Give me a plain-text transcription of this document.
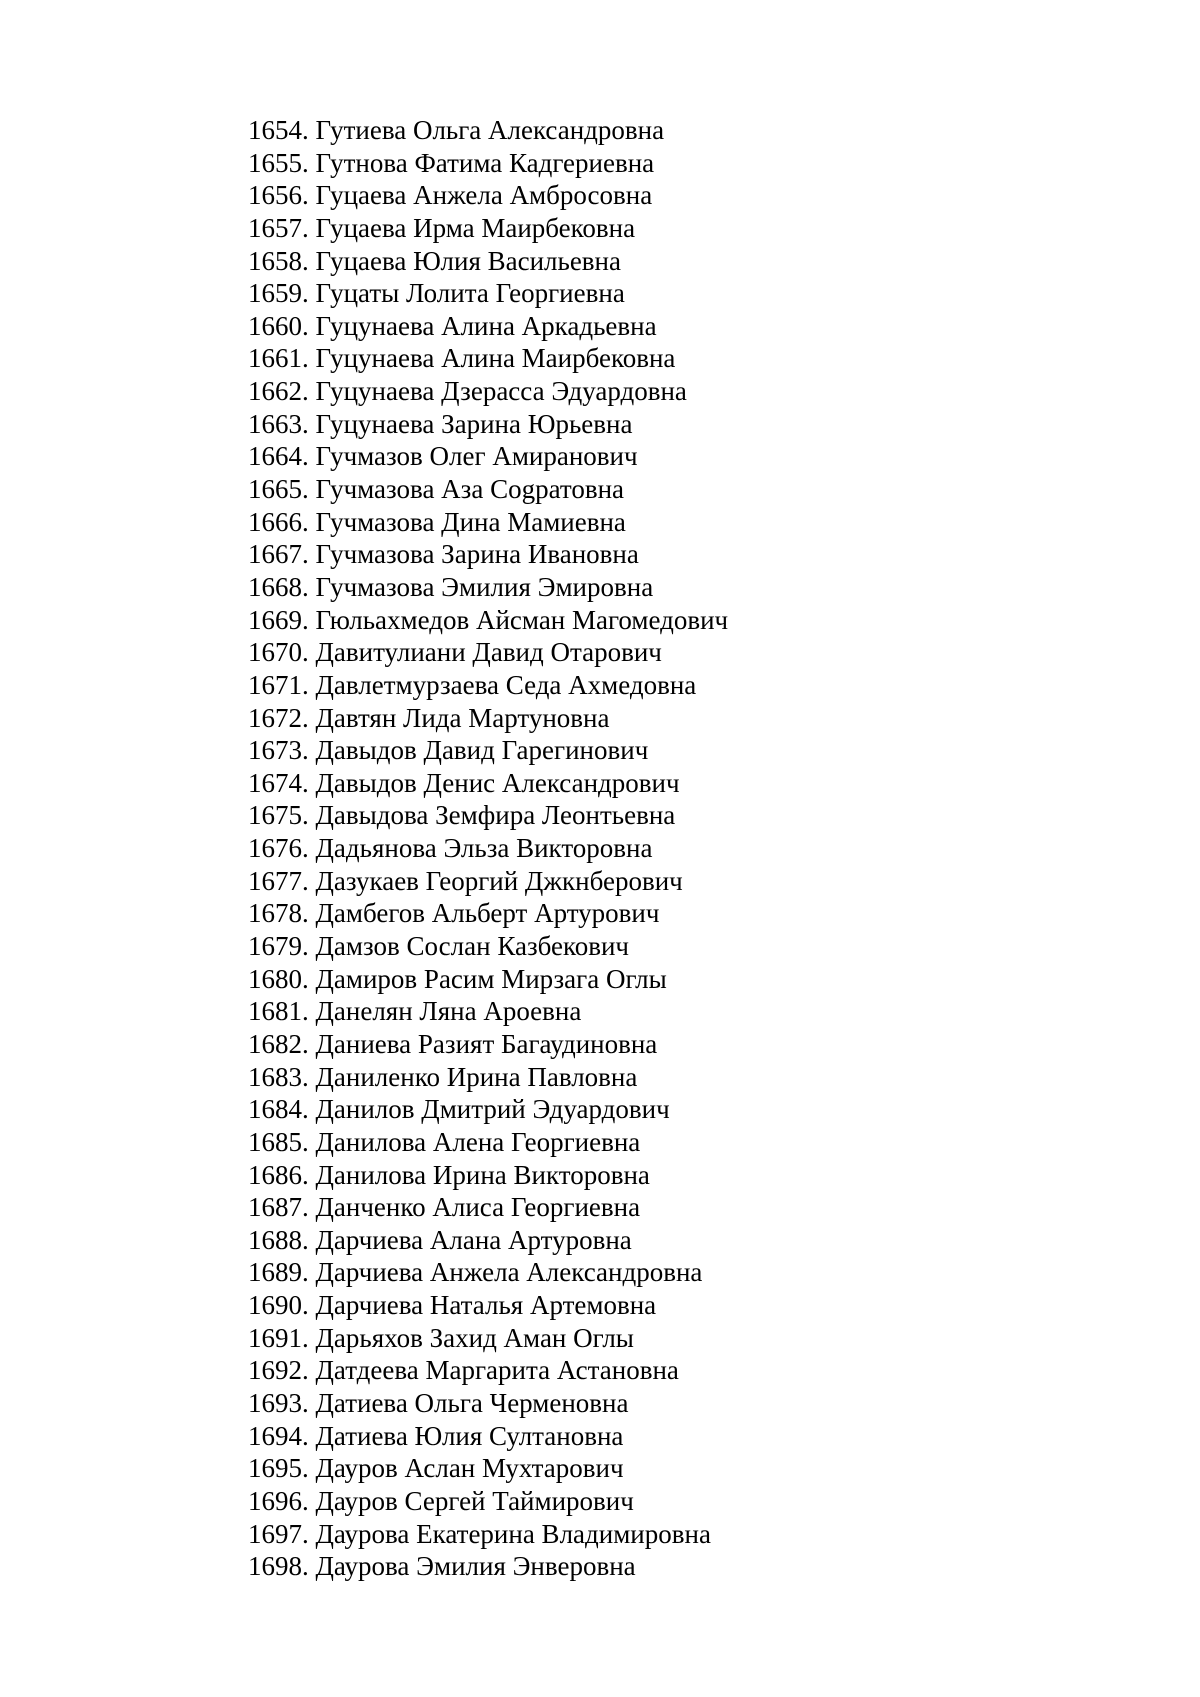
1654. Гутиева Ольга Александровна
1655. Гутнова Фатима Кадгериевна
1656. Гуцаева Анжела Амбросовна
1657. Гуцаева Ирма Маирбековна
1658. Гуцаева Юлия Васильевна
1659. Гуцаты Лолита Георгиевна
1660. Гуцунаева Алина Аркадьевна
1661. Гуцунаева Алина Маирбековна
1662. Гуцунаева Дзерасса Эдуардовна
1663. Гуцунаева Зарина Юрьевна
1664. Гучмазов Олег Амиранович
1665. Гучмазова Аза Сogратовна
1666. Гучмазова Дина Мамиевна
1667. Гучмазова Зарина Ивановна
1668. Гучмазова Эмилия Эмировна
1669. Гюльахмедов Айсман Магомедович
1670. Давитулиани Давид Отарович
1671. Давлетмурзаева Седа Ахмедовна
1672. Давтян Лида Мартуновна
1673. Давыдов Давид Гарегинович
1674. Давыдов Денис Александрович
1675. Давыдова Земфира Леонтьевна
1676. Дадьянова Эльза Викторовна
1677. Дазукаев Георгий Джкнберович
1678. Дамбегов Альберт Артурович
1679. Дамзов Сослан Казбекович
1680. Дамиров Расим Мирзага Оглы
1681. Данелян Ляна Ароевна
1682. Даниева Разият Багаудиновна
1683. Даниленко Ирина Павловна
1684. Данилов Дмитрий Эдуардович
1685. Данилова Алена Георгиевна
1686. Данилова Ирина Викторовна
1687. Данченко Алиса Георгиевна
1688. Дарчиева Алана Артуровна
1689. Дарчиева Анжела Александровна
1690. Дарчиева Наталья Артемовна
1691. Дарьяхов Захид Аман Оглы
1692. Датдеева Маргарита Астановна
1693. Датиева Ольга Черменовна
1694. Датиева Юлия Султановна
1695. Дауров Аслан Мухтарович
1696. Дауров Сергей Таймирович
1697. Даурова Екатерина Владимировна
1698. Даурова Эмилия Энверовна
